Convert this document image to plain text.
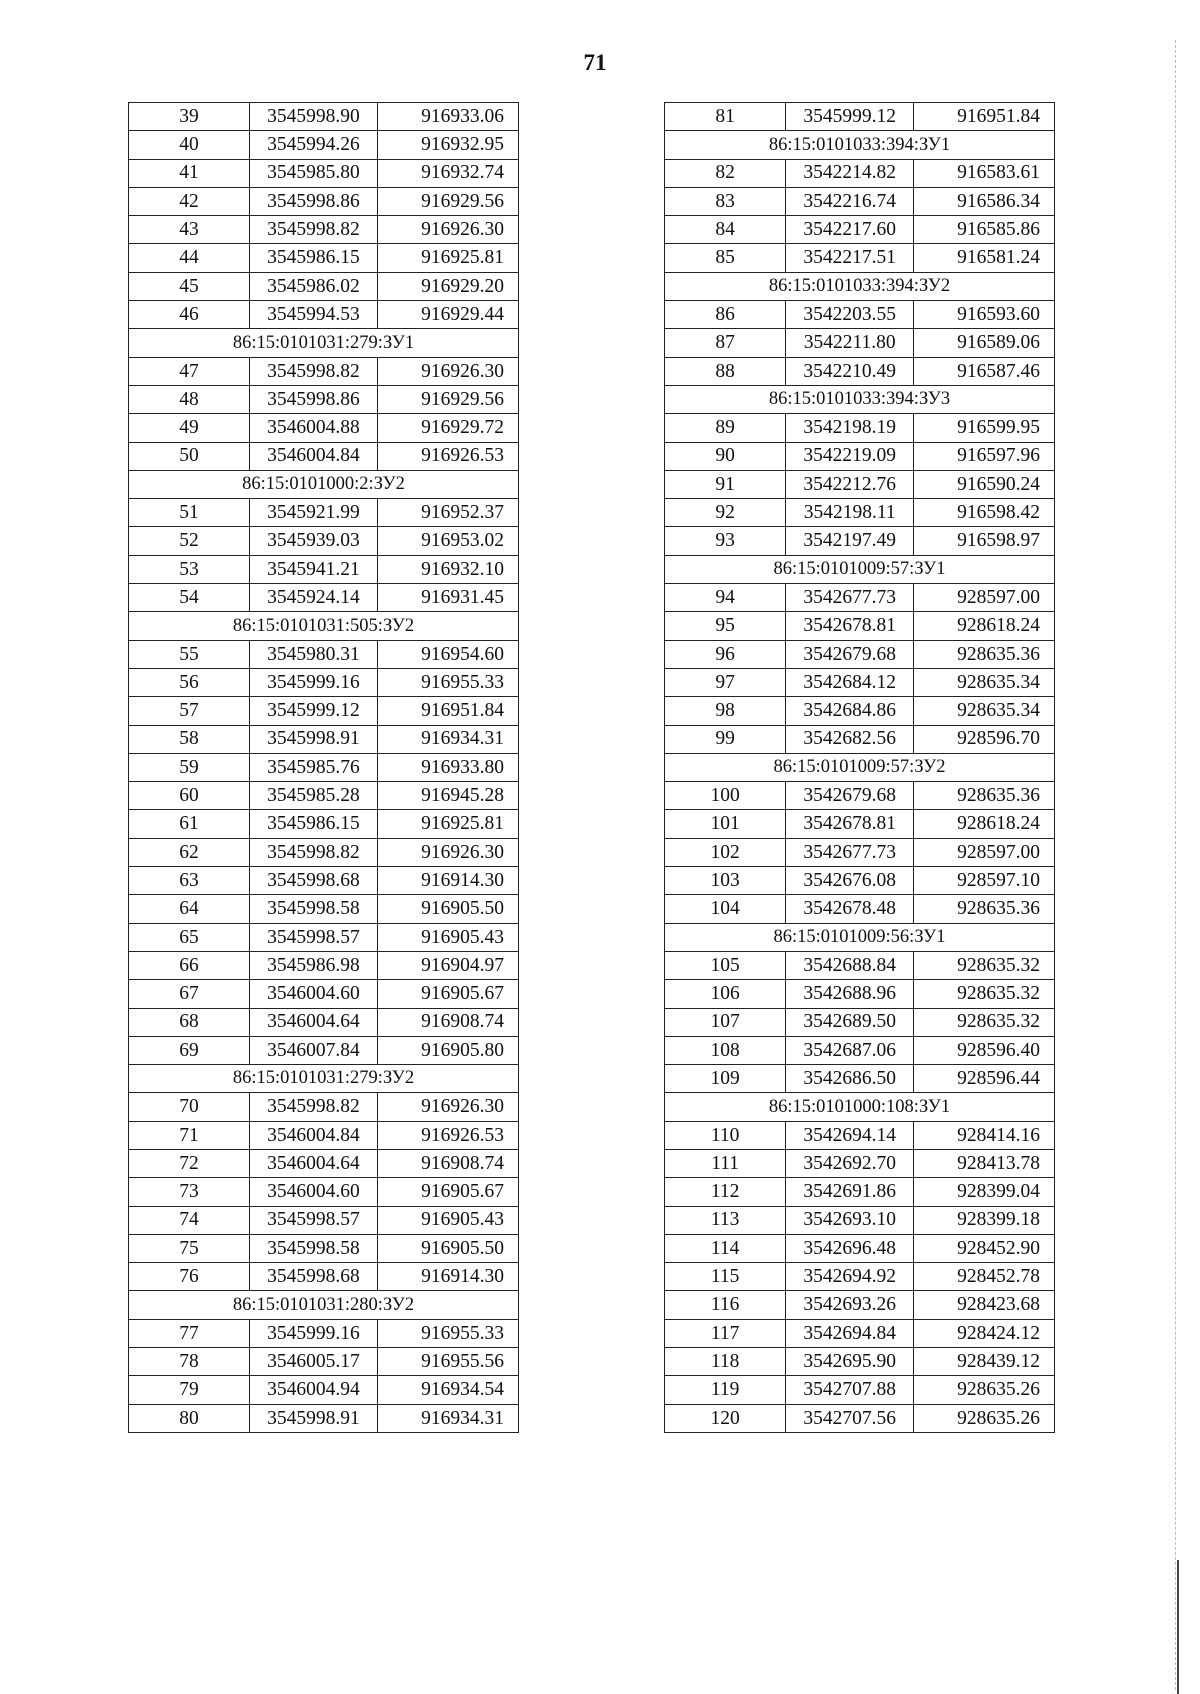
71
39	3545998.90	916933.06
40	3545994.26	916932.95
41	3545985.80	916932.74
42	3545998.86	916929.56
43	3545998.82	916926.30
44	3545986.15	916925.81
45	3545986.02	916929.20
46	3545994.53	916929.44
86:15:0101031:279:ЗУ1		
47	3545998.82	916926.30
48	3545998.86	916929.56
49	3546004.88	916929.72
50	3546004.84	916926.53
86:15:0101000:2:ЗУ2		
51	3545921.99	916952.37
52	3545939.03	916953.02
53	3545941.21	916932.10
54	3545924.14	916931.45
86:15:0101031:505:ЗУ2		
55	3545980.31	916954.60
56	3545999.16	916955.33
57	3545999.12	916951.84
58	3545998.91	916934.31
59	3545985.76	916933.80
60	3545985.28	916945.28
61	3545986.15	916925.81
62	3545998.82	916926.30
63	3545998.68	916914.30
64	3545998.58	916905.50
65	3545998.57	916905.43
66	3545986.98	916904.97
67	3546004.60	916905.67
68	3546004.64	916908.74
69	3546007.84	916905.80
86:15:0101031:279:ЗУ2		
70	3545998.82	916926.30
71	3546004.84	916926.53
72	3546004.64	916908.74
73	3546004.60	916905.67
74	3545998.57	916905.43
75	3545998.58	916905.50
76	3545998.68	916914.30
86:15:0101031:280:ЗУ2		
77	3545999.16	916955.33
78	3546005.17	916955.56
79	3546004.94	916934.54
80	3545998.91	916934.31
81	3545999.12	916951.84
86:15:0101033:394:ЗУ1		
82	3542214.82	916583.61
83	3542216.74	916586.34
84	3542217.60	916585.86
85	3542217.51	916581.24
86:15:0101033:394:ЗУ2		
86	3542203.55	916593.60
87	3542211.80	916589.06
88	3542210.49	916587.46
86:15:0101033:394:ЗУ3		
89	3542198.19	916599.95
90	3542219.09	916597.96
91	3542212.76	916590.24
92	3542198.11	916598.42
93	3542197.49	916598.97
86:15:0101009:57:ЗУ1		
94	3542677.73	928597.00
95	3542678.81	928618.24
96	3542679.68	928635.36
97	3542684.12	928635.34
98	3542684.86	928635.34
99	3542682.56	928596.70
86:15:0101009:57:ЗУ2		
100	3542679.68	928635.36
101	3542678.81	928618.24
102	3542677.73	928597.00
103	3542676.08	928597.10
104	3542678.48	928635.36
86:15:0101009:56:ЗУ1		
105	3542688.84	928635.32
106	3542688.96	928635.32
107	3542689.50	928635.32
108	3542687.06	928596.40
109	3542686.50	928596.44
86:15:0101000:108:ЗУ1		
110	3542694.14	928414.16
111	3542692.70	928413.78
112	3542691.86	928399.04
113	3542693.10	928399.18
114	3542696.48	928452.90
115	3542694.92	928452.78
116	3542693.26	928423.68
117	3542694.84	928424.12
118	3542695.90	928439.12
119	3542707.88	928635.26
120	3542707.56	928635.26
